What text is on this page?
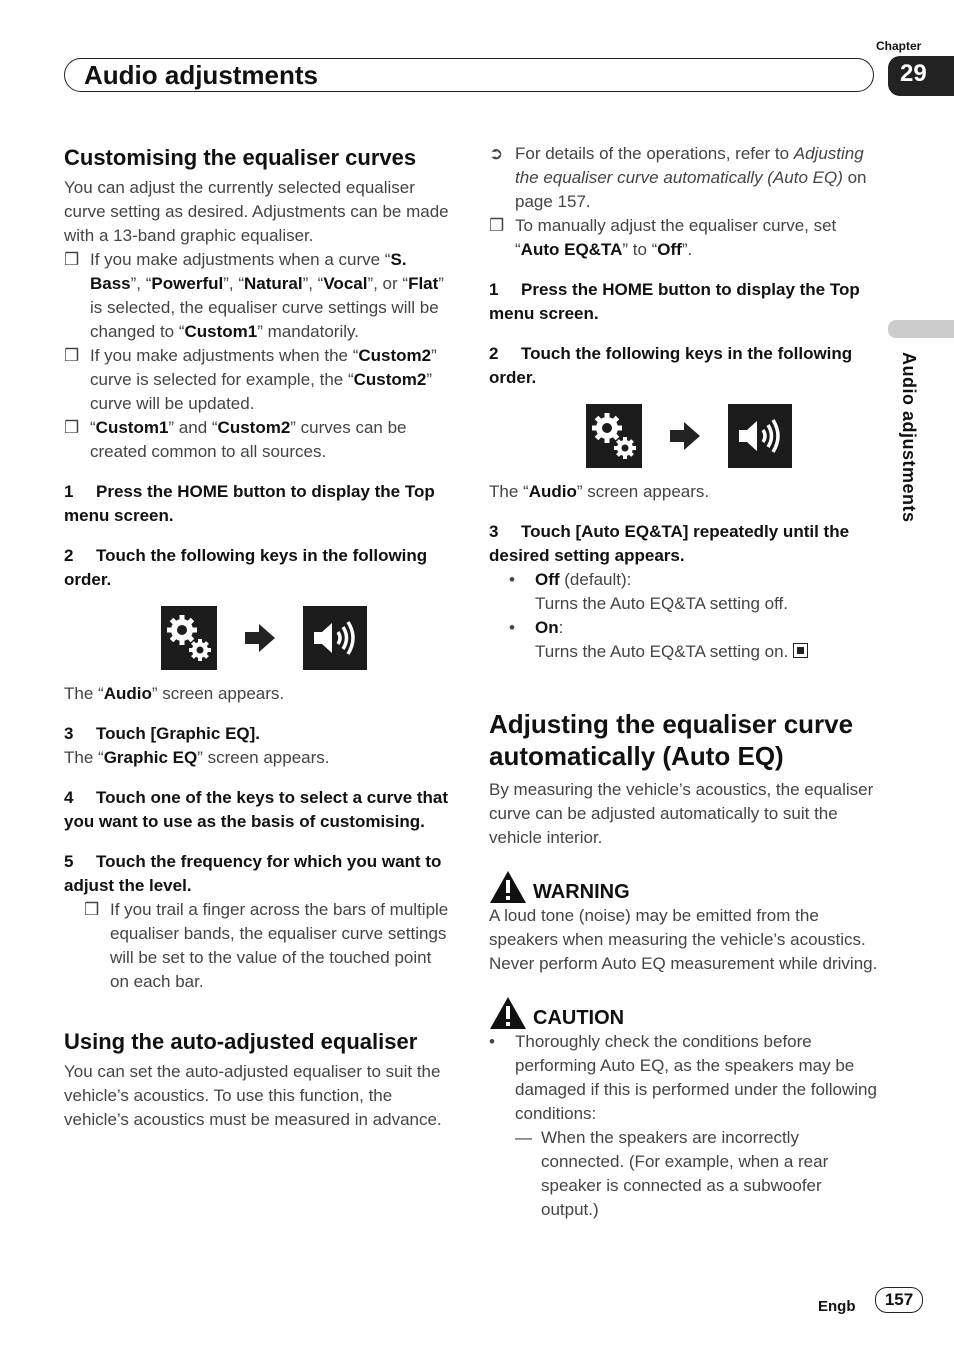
Audio adjustments
Chapter
29
Audio adjustments
Customising the equaliser curves

You can adjust the currently selected equaliser curve setting as desired. Adjustments can be made with a 13-band graphic equaliser.

❒ If you make adjustments when a curve “S. Bass”, “Powerful”, “Natural”, “Vocal”, or “Flat” is selected, the equaliser curve settings will be changed to “Custom1” mandatorily.
❒ If you make adjustments when the “Custom2” curve is selected for example, the “Custom2” curve will be updated.
❒ “Custom1” and “Custom2” curves can be created common to all sources.

1 Press the HOME button to display the Top menu screen.

2 Touch the following keys in the following order.

The “Audio” screen appears.

3 Touch [Graphic EQ].

The “Graphic EQ” screen appears.

4 Touch one of the keys to select a curve that you want to use as the basis of customising.

5 Touch the frequency for which you want to adjust the level.

❒ If you trail a finger across the bars of multiple equaliser bands, the equaliser curve settings will be set to the value of the touched point on each bar.
Using the auto-adjusted equaliser

You can set the auto-adjusted equaliser to suit the vehicle’s acoustics. To use this function, the vehicle’s acoustics must be measured in advance.

➲ For details of the operations, refer to Adjusting the equaliser curve automatically (Auto EQ) on page 157.
❒ To manually adjust the equaliser curve, set “Auto EQ&TA” to “Off”.

1 Press the HOME button to display the Top menu screen.

2 Touch the following keys in the following order.

The “Audio” screen appears.

3 Touch [Auto EQ&TA] repeatedly until the desired setting appears.

• Off (default):
Turns the Auto EQ&TA setting off.
• On:
Turns the Auto EQ&TA setting on.
Adjusting the equaliser curve automatically (Auto EQ)

By measuring the vehicle’s acoustics, the equaliser curve can be adjusted automatically to suit the vehicle interior.

WARNING

A loud tone (noise) may be emitted from the speakers when measuring the vehicle’s acoustics. Never perform Auto EQ measurement while driving.

CAUTION
• Thoroughly check the conditions before performing Auto EQ, as the speakers may be damaged if this is performed under the following conditions:
— When the speakers are incorrectly connected. (For example, when a rear speaker is connected as a subwoofer output.)
Engb	157
